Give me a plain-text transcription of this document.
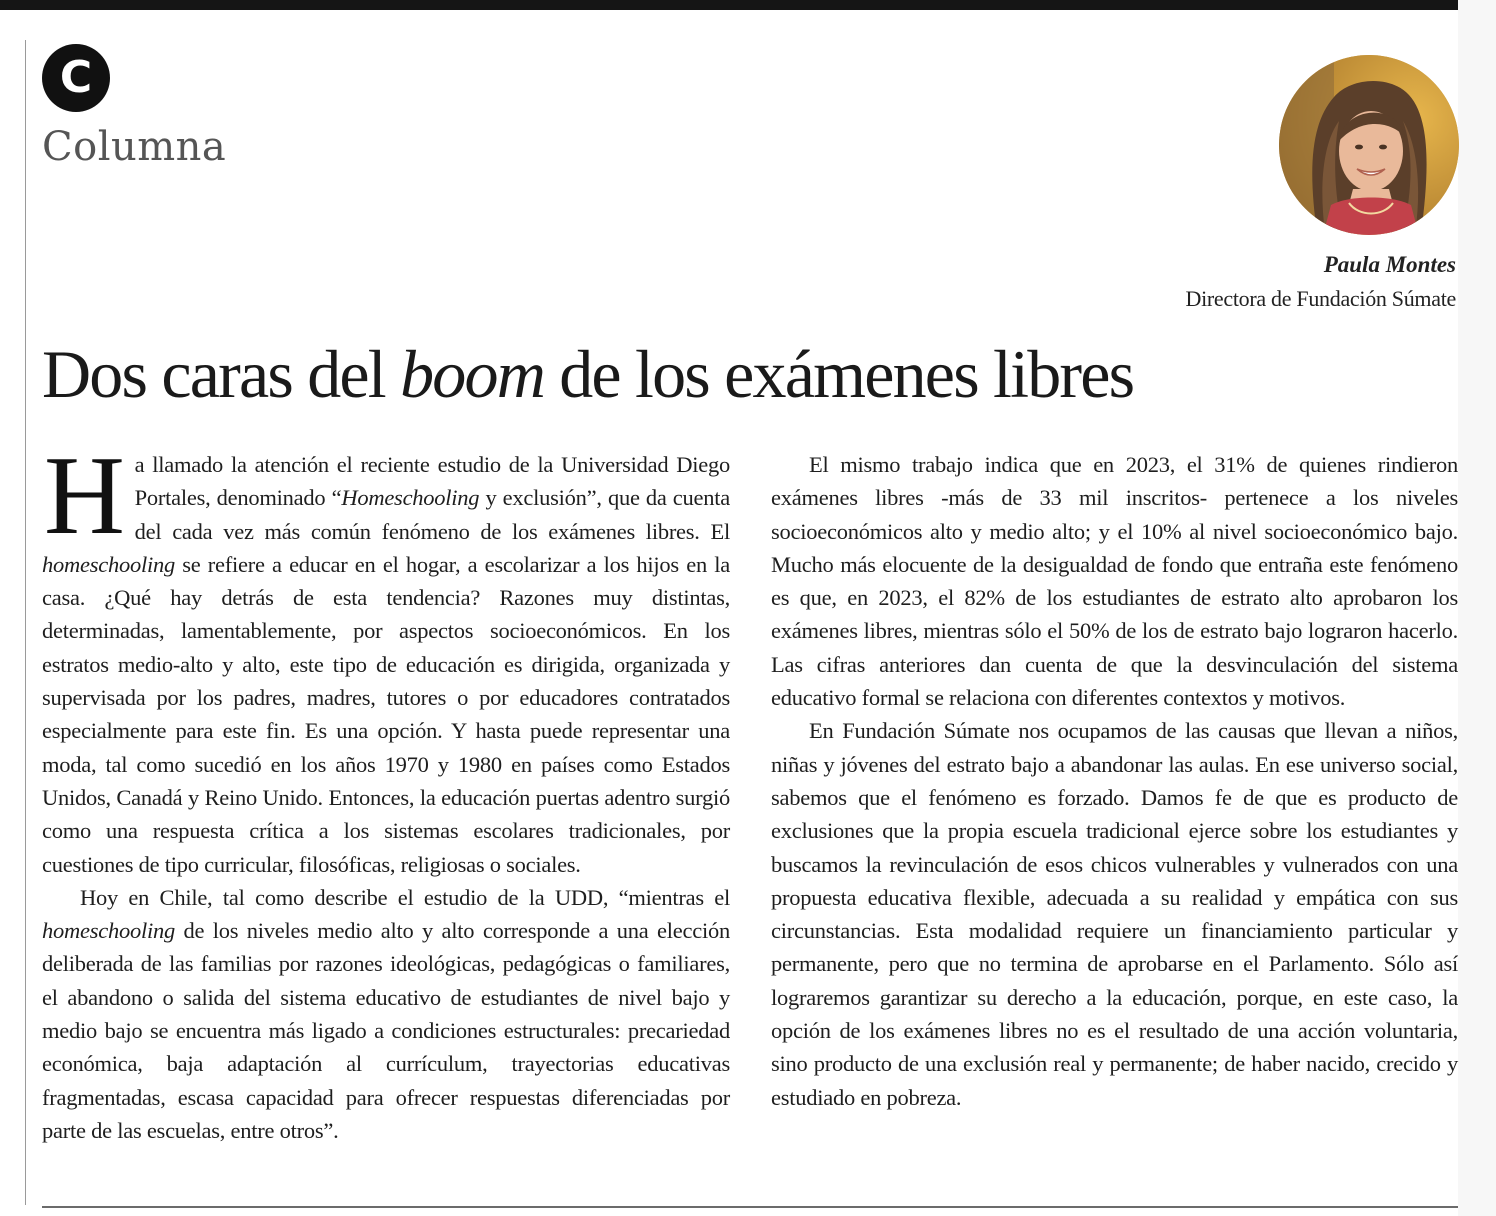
C
Columna
Paula Montes
Directora de Fundación Súmate
Dos caras del boom de los exámenes libres

Ha llamado la atención el reciente estudio de la Universidad Diego Portales, denominado “Homeschooling y exclusión”, que da cuenta del cada vez más común fenómeno de los exámenes libres. El homeschooling se refiere a educar en el hogar, a escolarizar a los hijos en la casa. ¿Qué hay detrás de esta tendencia? Razones muy distintas, determinadas, lamentablemente, por aspectos socioeconómicos. En los estratos medio-alto y alto, este tipo de educación es dirigida, organizada y supervisada por los padres, madres, tutores o por educadores contratados especialmente para este fin. Es una opción. Y hasta puede representar una moda, tal como sucedió en los años 1970 y 1980 en países como Estados Unidos, Canadá y Reino Unido. Entonces, la educación puertas adentro surgió como una respuesta crítica a los sistemas escolares tradicionales, por cuestiones de tipo curricular, filosóficas, religiosas o sociales.

Hoy en Chile, tal como describe el estudio de la UDD, “mientras el homeschooling de los niveles medio alto y alto corresponde a una elección deliberada de las familias por razones ideológicas, pedagógicas o familiares, el abandono o salida del sistema educativo de estudiantes de nivel bajo y medio bajo se encuentra más ligado a condiciones estructurales: precariedad económica, baja adaptación al currículum, trayectorias educativas fragmentadas, escasa capacidad para ofrecer respuestas diferenciadas por parte de las escuelas, entre otros”.

El mismo trabajo indica que en 2023, el 31% de quienes rindieron exámenes libres -más de 33 mil inscritos- pertenece a los niveles socioeconómicos alto y medio alto; y el 10% al nivel socioeconómico bajo. Mucho más elocuente de la desigualdad de fondo que entraña este fenómeno es que, en 2023, el 82% de los estudiantes de estrato alto aprobaron los exámenes libres, mientras sólo el 50% de los de estrato bajo lograron hacerlo. Las cifras anteriores dan cuenta de que la desvinculación del sistema educativo formal se relaciona con diferentes contextos y motivos.

En Fundación Súmate nos ocupamos de las causas que llevan a niños, niñas y jóvenes del estrato bajo a abandonar las aulas. En ese universo social, sabemos que el fenómeno es forzado. Damos fe de que es producto de exclusiones que la propia escuela tradicional ejerce sobre los estudiantes y buscamos la revinculación de esos chicos vulnerables y vulnerados con una propuesta educativa flexible, adecuada a su realidad y empática con sus circunstancias. Esta modalidad requiere un financiamiento particular y permanente, pero que no termina de aprobarse en el Parlamento. Sólo así lograremos garantizar su derecho a la educación, porque, en este caso, la opción de los exámenes libres no es el resultado de una acción voluntaria, sino producto de una exclusión real y permanente; de haber nacido, crecido y estudiado en pobreza.
